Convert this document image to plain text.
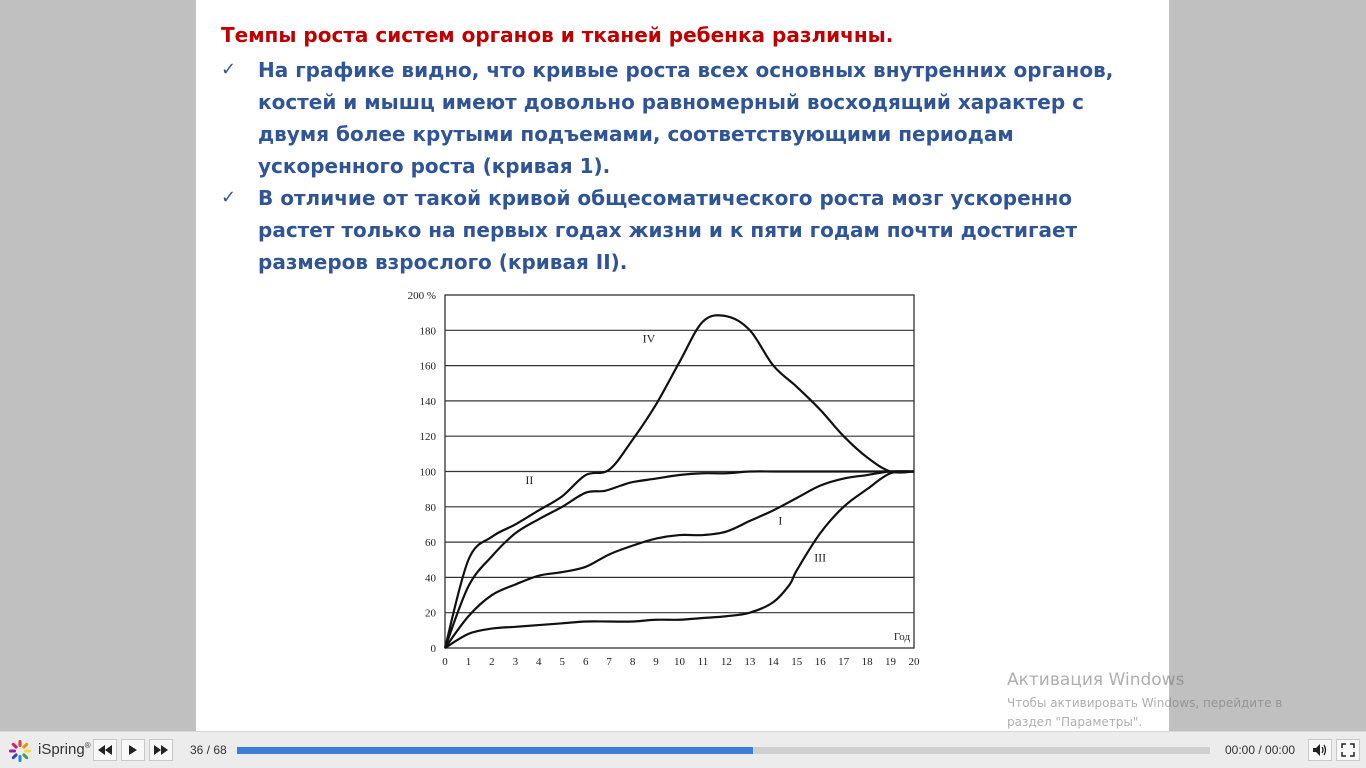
Темпы роста систем органов и тканей ребенка различны.
✓ На графике видно, что кривые роста всех основных внутренних органов, костей и мышц имеют довольно равномерный восходящий характер с двумя более крутыми подъемами, соответствующими периодам ускоренного роста (кривая 1).
✓ В отличие от такой кривой общесоматического роста мозг ускоренно растет только на первых годах жизни и к пяти годам почти достигает размеров взрослого (кривая II).
0
20
40
60
80
100
120
140
160
180
200 %
0 1 2 3 4 5 6 7 8 9 10 11 12 13 14 15 16 17 18 19 20
Год
IV
II
I
III
Активация Windows
Чтобы активировать Windows, перейдите в
раздел "Параметры".
iSpring®	36 / 68	00:00 / 00:00
